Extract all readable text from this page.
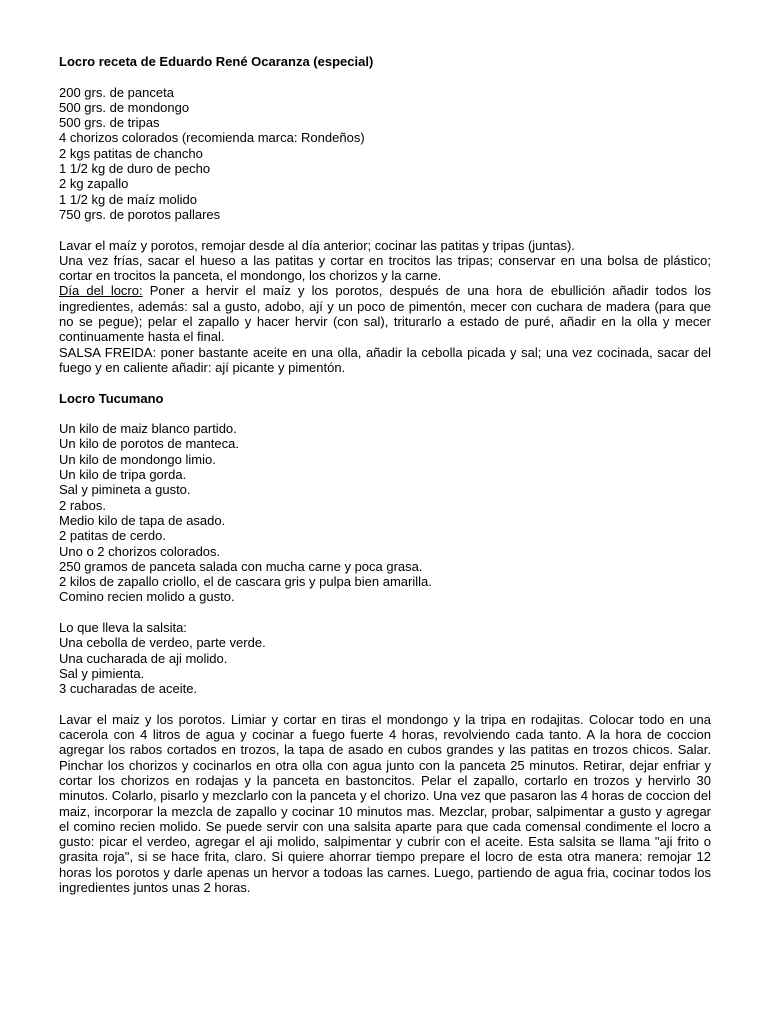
Locro receta de Eduardo René Ocaranza (especial)

200 grs. de panceta

500 grs. de mondongo

500 grs. de tripas

4 chorizos colorados (recomienda marca: Rondeños)

2 kgs patitas de chancho

1 1/2 kg de duro de pecho

2 kg zapallo

1 1/2 kg de maíz molido

750 grs. de porotos pallares

Lavar el maíz y porotos, remojar desde al día anterior; cocinar las patitas y tripas (juntas).

Una vez frías, sacar el hueso a las patitas y cortar en trocitos las tripas; conservar en una bolsa de plástico; cortar en trocitos la panceta, el mondongo, los chorizos y la carne.

Día del locro: Poner a hervir el maíz y los porotos, después de una hora de ebullición añadir todos los ingredientes, además: sal a gusto, adobo, ají y un poco de pimentón, mecer con cuchara de madera (para que no se pegue); pelar el zapallo y hacer hervir (con sal), triturarlo a estado de puré, añadir en la olla y mecer continuamente hasta el final.

SALSA FREIDA: poner bastante aceite en una olla, añadir la cebolla picada y sal; una vez cocinada, sacar del fuego y en caliente añadir: ají picante y pimentón.

Locro Tucumano

Un kilo de maiz blanco partido.

Un kilo de porotos de manteca.

Un kilo de mondongo limio.

Un kilo de tripa gorda.

Sal y pimineta a gusto.

2 rabos.

Medio kilo de tapa de asado.

2 patitas de cerdo.

Uno o 2 chorizos colorados.

250 gramos de panceta salada con mucha carne y poca grasa.

2 kilos de zapallo criollo, el de cascara gris y pulpa bien amarilla.

Comino recien molido a gusto.

Lo que lleva la salsita:

Una cebolla de verdeo, parte verde.

Una cucharada de aji molido.

Sal y pimienta.

3 cucharadas de aceite.

Lavar el maiz y los porotos. Limiar y cortar en tiras el mondongo y la tripa en rodajitas. Colocar todo en una cacerola con 4 litros de agua y cocinar a fuego fuerte 4 horas, revolviendo cada tanto. A la hora de coccion agregar los rabos cortados en trozos, la tapa de asado en cubos grandes y las patitas en trozos chicos. Salar. Pinchar los chorizos y cocinarlos en otra olla con agua junto con la panceta 25 minutos. Retirar, dejar enfriar y cortar los chorizos en rodajas y la panceta en bastoncitos. Pelar el zapallo, cortarlo en trozos y hervirlo 30 minutos. Colarlo, pisarlo y mezclarlo con la panceta y el chorizo. Una vez que pasaron las 4 horas de coccion del maiz, incorporar la mezcla de zapallo y cocinar 10 minutos mas. Mezclar, probar, salpimentar a gusto y agregar el comino recien molido. Se puede servir con una salsita aparte para que cada comensal condimente el locro a gusto: picar el verdeo, agregar el aji molido, salpimentar y cubrir con el aceite. Esta salsita se llama "aji frito o grasita roja", si se hace frita, claro. Si quiere ahorrar tiempo prepare el locro de esta otra manera: remojar 12 horas los porotos y darle apenas un hervor a todoas las carnes. Luego, partiendo de agua fria, cocinar todos los ingredientes juntos unas 2 horas.
